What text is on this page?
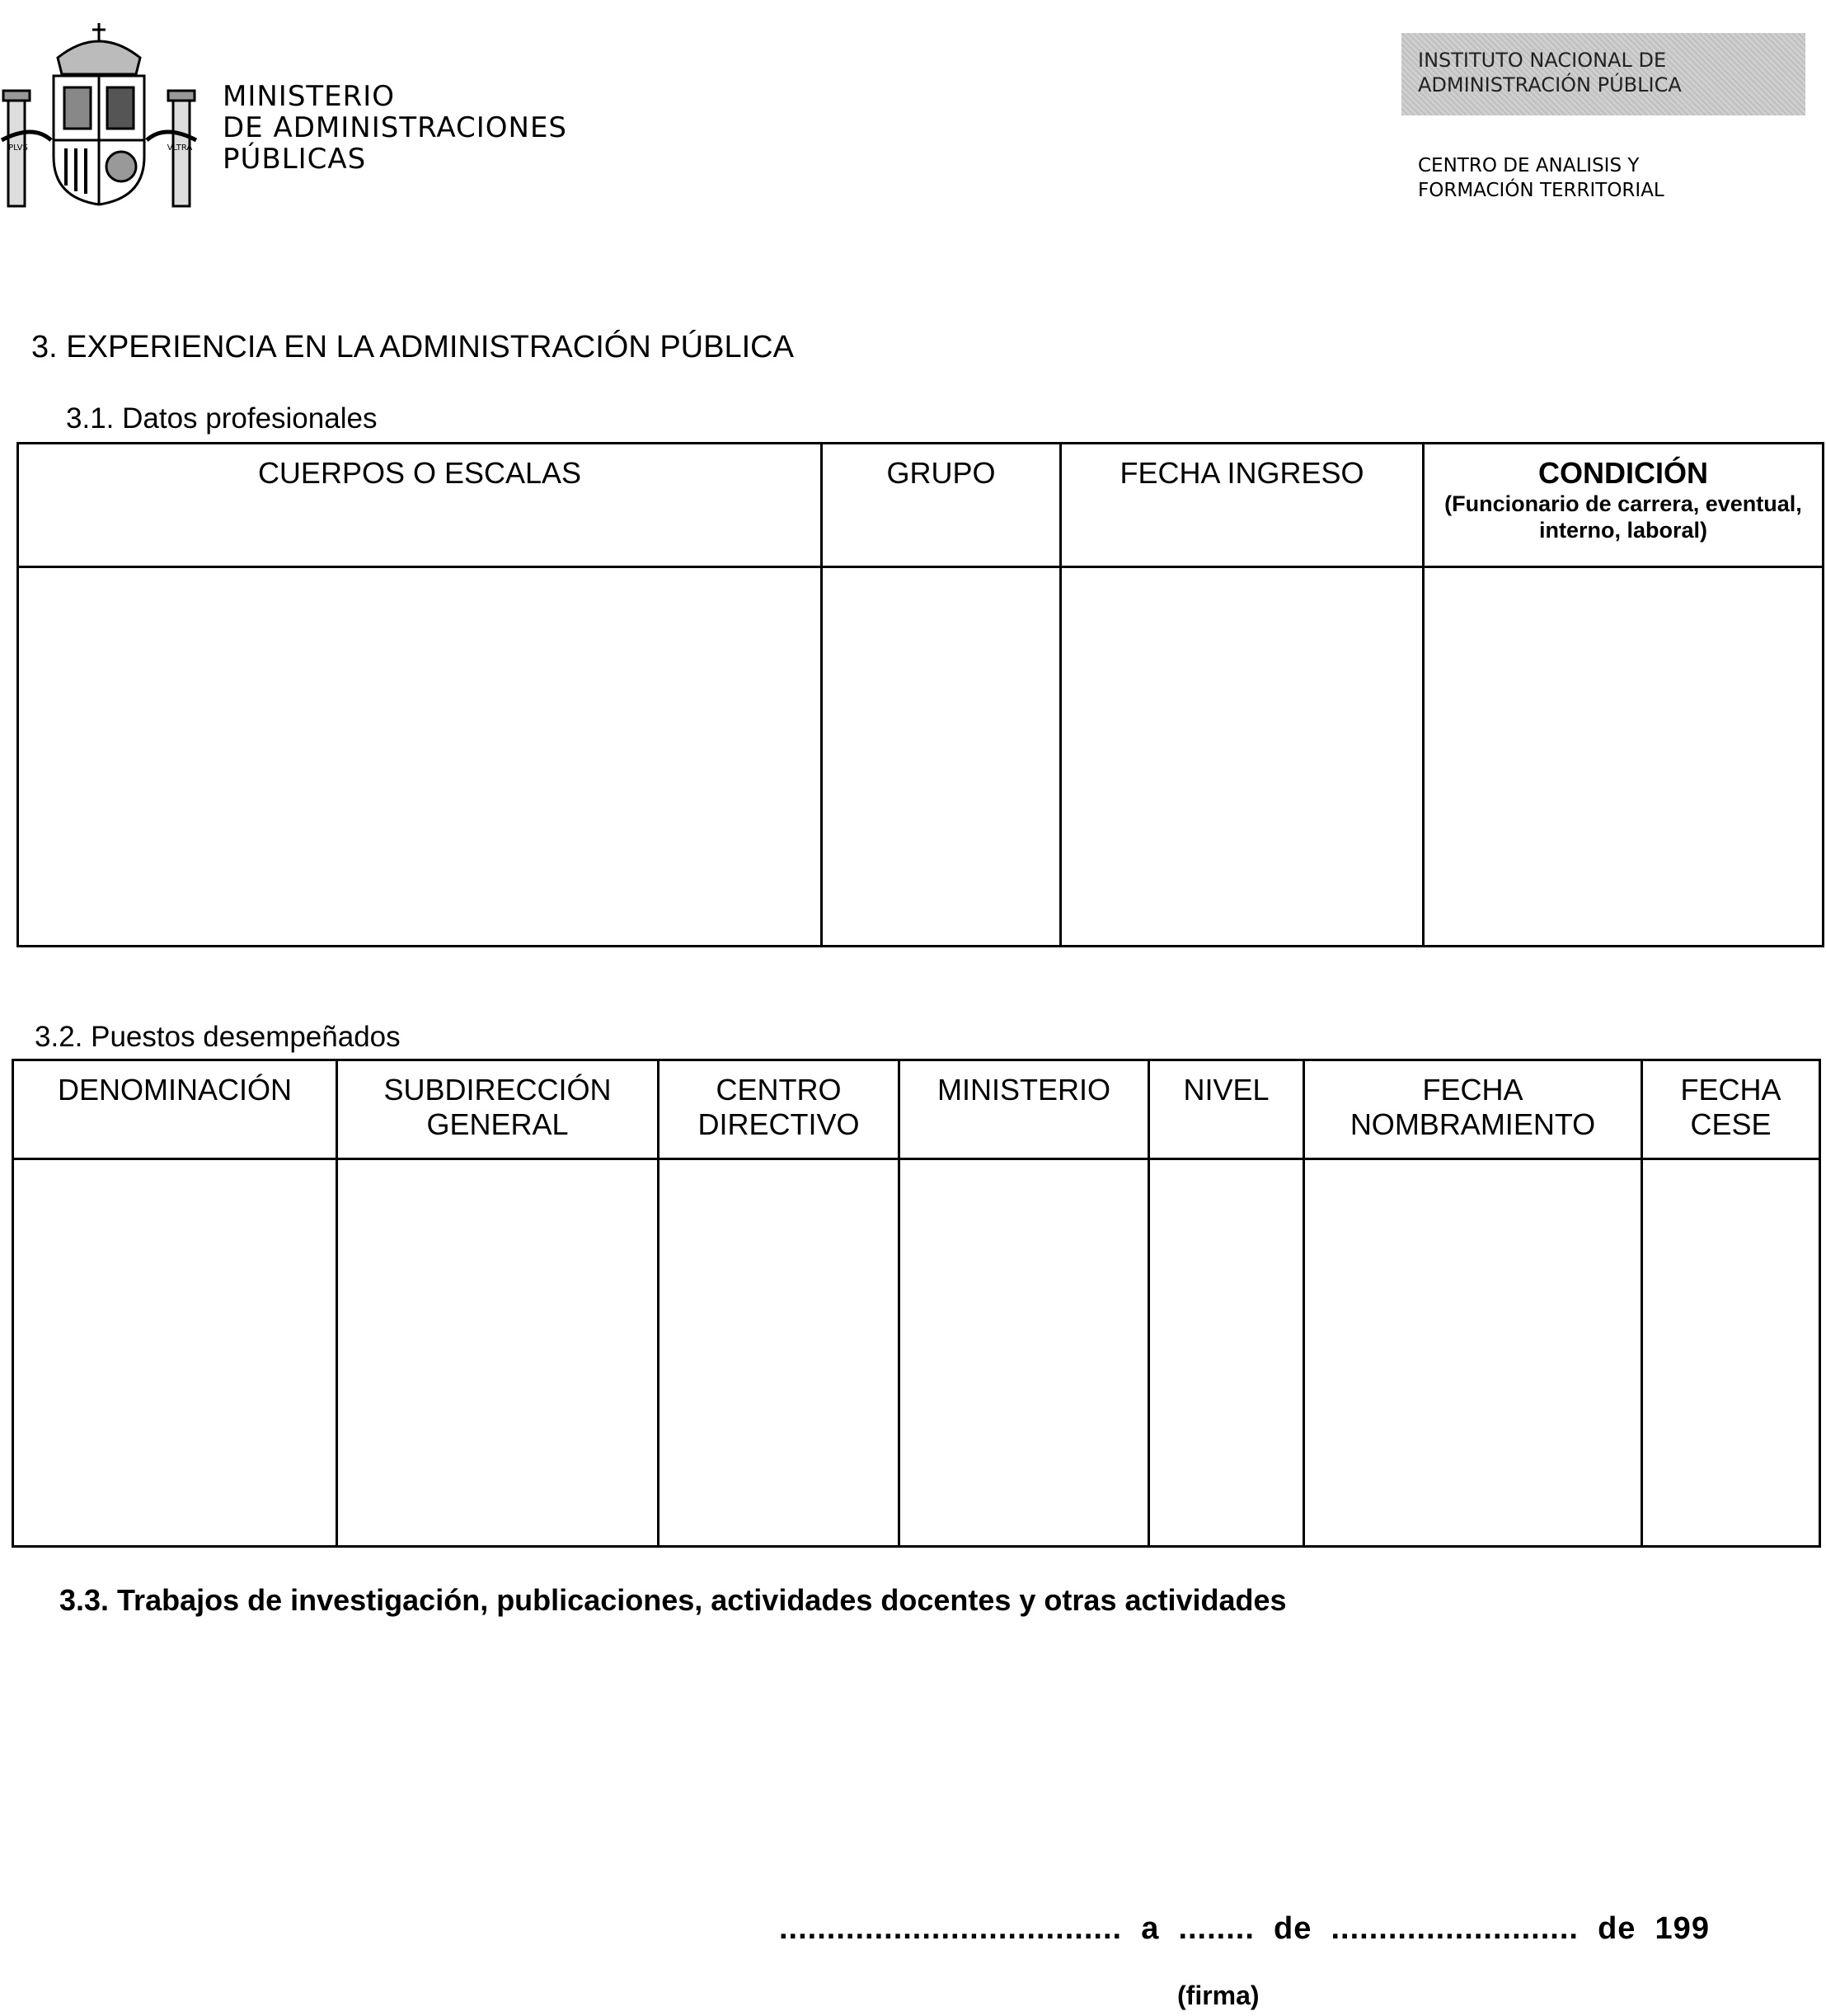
PLVS	VLTRA
MINISTERIO
DE ADMINISTRACIONES
PÚBLICAS
INSTITUTO NACIONAL DE
ADMINISTRACIÓN PÚBLICA
CENTRO DE ANALISIS Y
FORMACIÓN TERRITORIAL
3. EXPERIENCIA EN LA ADMINISTRACIÓN PÚBLICA
3.1. Datos profesionales
CUERPOS O ESCALAS	GRUPO	FECHA INGRESO	CONDICIÓN
(Funcionario de carrera, eventual, interno, laboral)

3.2. Puestos desempeñados
DENOMINACIÓN	SUBDIRECCIÓN GENERAL	CENTRO DIRECTIVO	MINISTERIO	NIVEL	FECHA NOMBRAMIENTO	FECHA CESE

3.3. Trabajos de investigación, publicaciones, actividades docentes y otras actividades
....................................  a  ........  de  ..........................  de  199
(firma)
